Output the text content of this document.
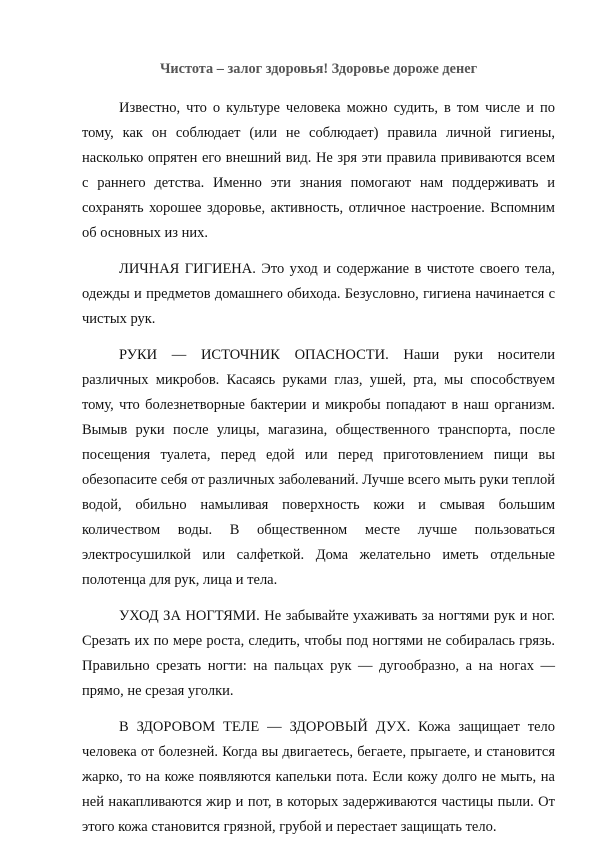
Чистота – залог здоровья! Здоровье дороже денег

Известно, что о культуре человека можно судить, в том числе и по тому, как он соблюдает (или не соблюдает) правила личной гигиены, насколько опрятен его внешний вид. Не зря эти правила прививаются всем с раннего детства. Именно эти знания помогают нам поддерживать и сохранять хорошее здоровье, активность, отличное настроение. Вспомним об основных из них.

ЛИЧНАЯ ГИГИЕНА. Это уход и содержание в чистоте своего тела, одежды и предметов домашнего обихода. Безусловно, гигиена начинается с чистых рук.

РУКИ — ИСТОЧНИК ОПАСНОСТИ. Наши руки носители различных микробов. Касаясь руками глаз, ушей, рта, мы способствуем тому, что болезнетворные бактерии и микробы попадают в наш организм. Вымыв руки после улицы, магазина, общественного транспорта, после посещения туалета, перед едой или перед приготовлением пищи вы обезопасите себя от различных заболеваний. Лучше всего мыть руки теплой водой, обильно намыливая поверхность кожи и смывая большим количеством воды. В общественном месте лучше пользоваться электросушилкой или салфеткой. Дома желательно иметь отдельные полотенца для рук, лица и тела.

УХОД ЗА НОГТЯМИ. Не забывайте ухаживать за ногтями рук и ног. Срезать их по мере роста, следить, чтобы под ногтями не собиралась грязь. Правильно срезать ногти: на пальцах рук — дугообразно, а на ногах — прямо, не срезая уголки.

В ЗДОРОВОМ ТЕЛЕ — ЗДОРОВЫЙ ДУХ. Кожа защищает тело человека от болезней. Когда вы двигаетесь, бегаете, прыгаете, и становится жарко, то на коже появляются капельки пота. Если кожу долго не мыть, на ней накапливаются жир и пот, в которых задерживаются частицы пыли. От этого кожа становится грязной, грубой и перестает защищать тело.
